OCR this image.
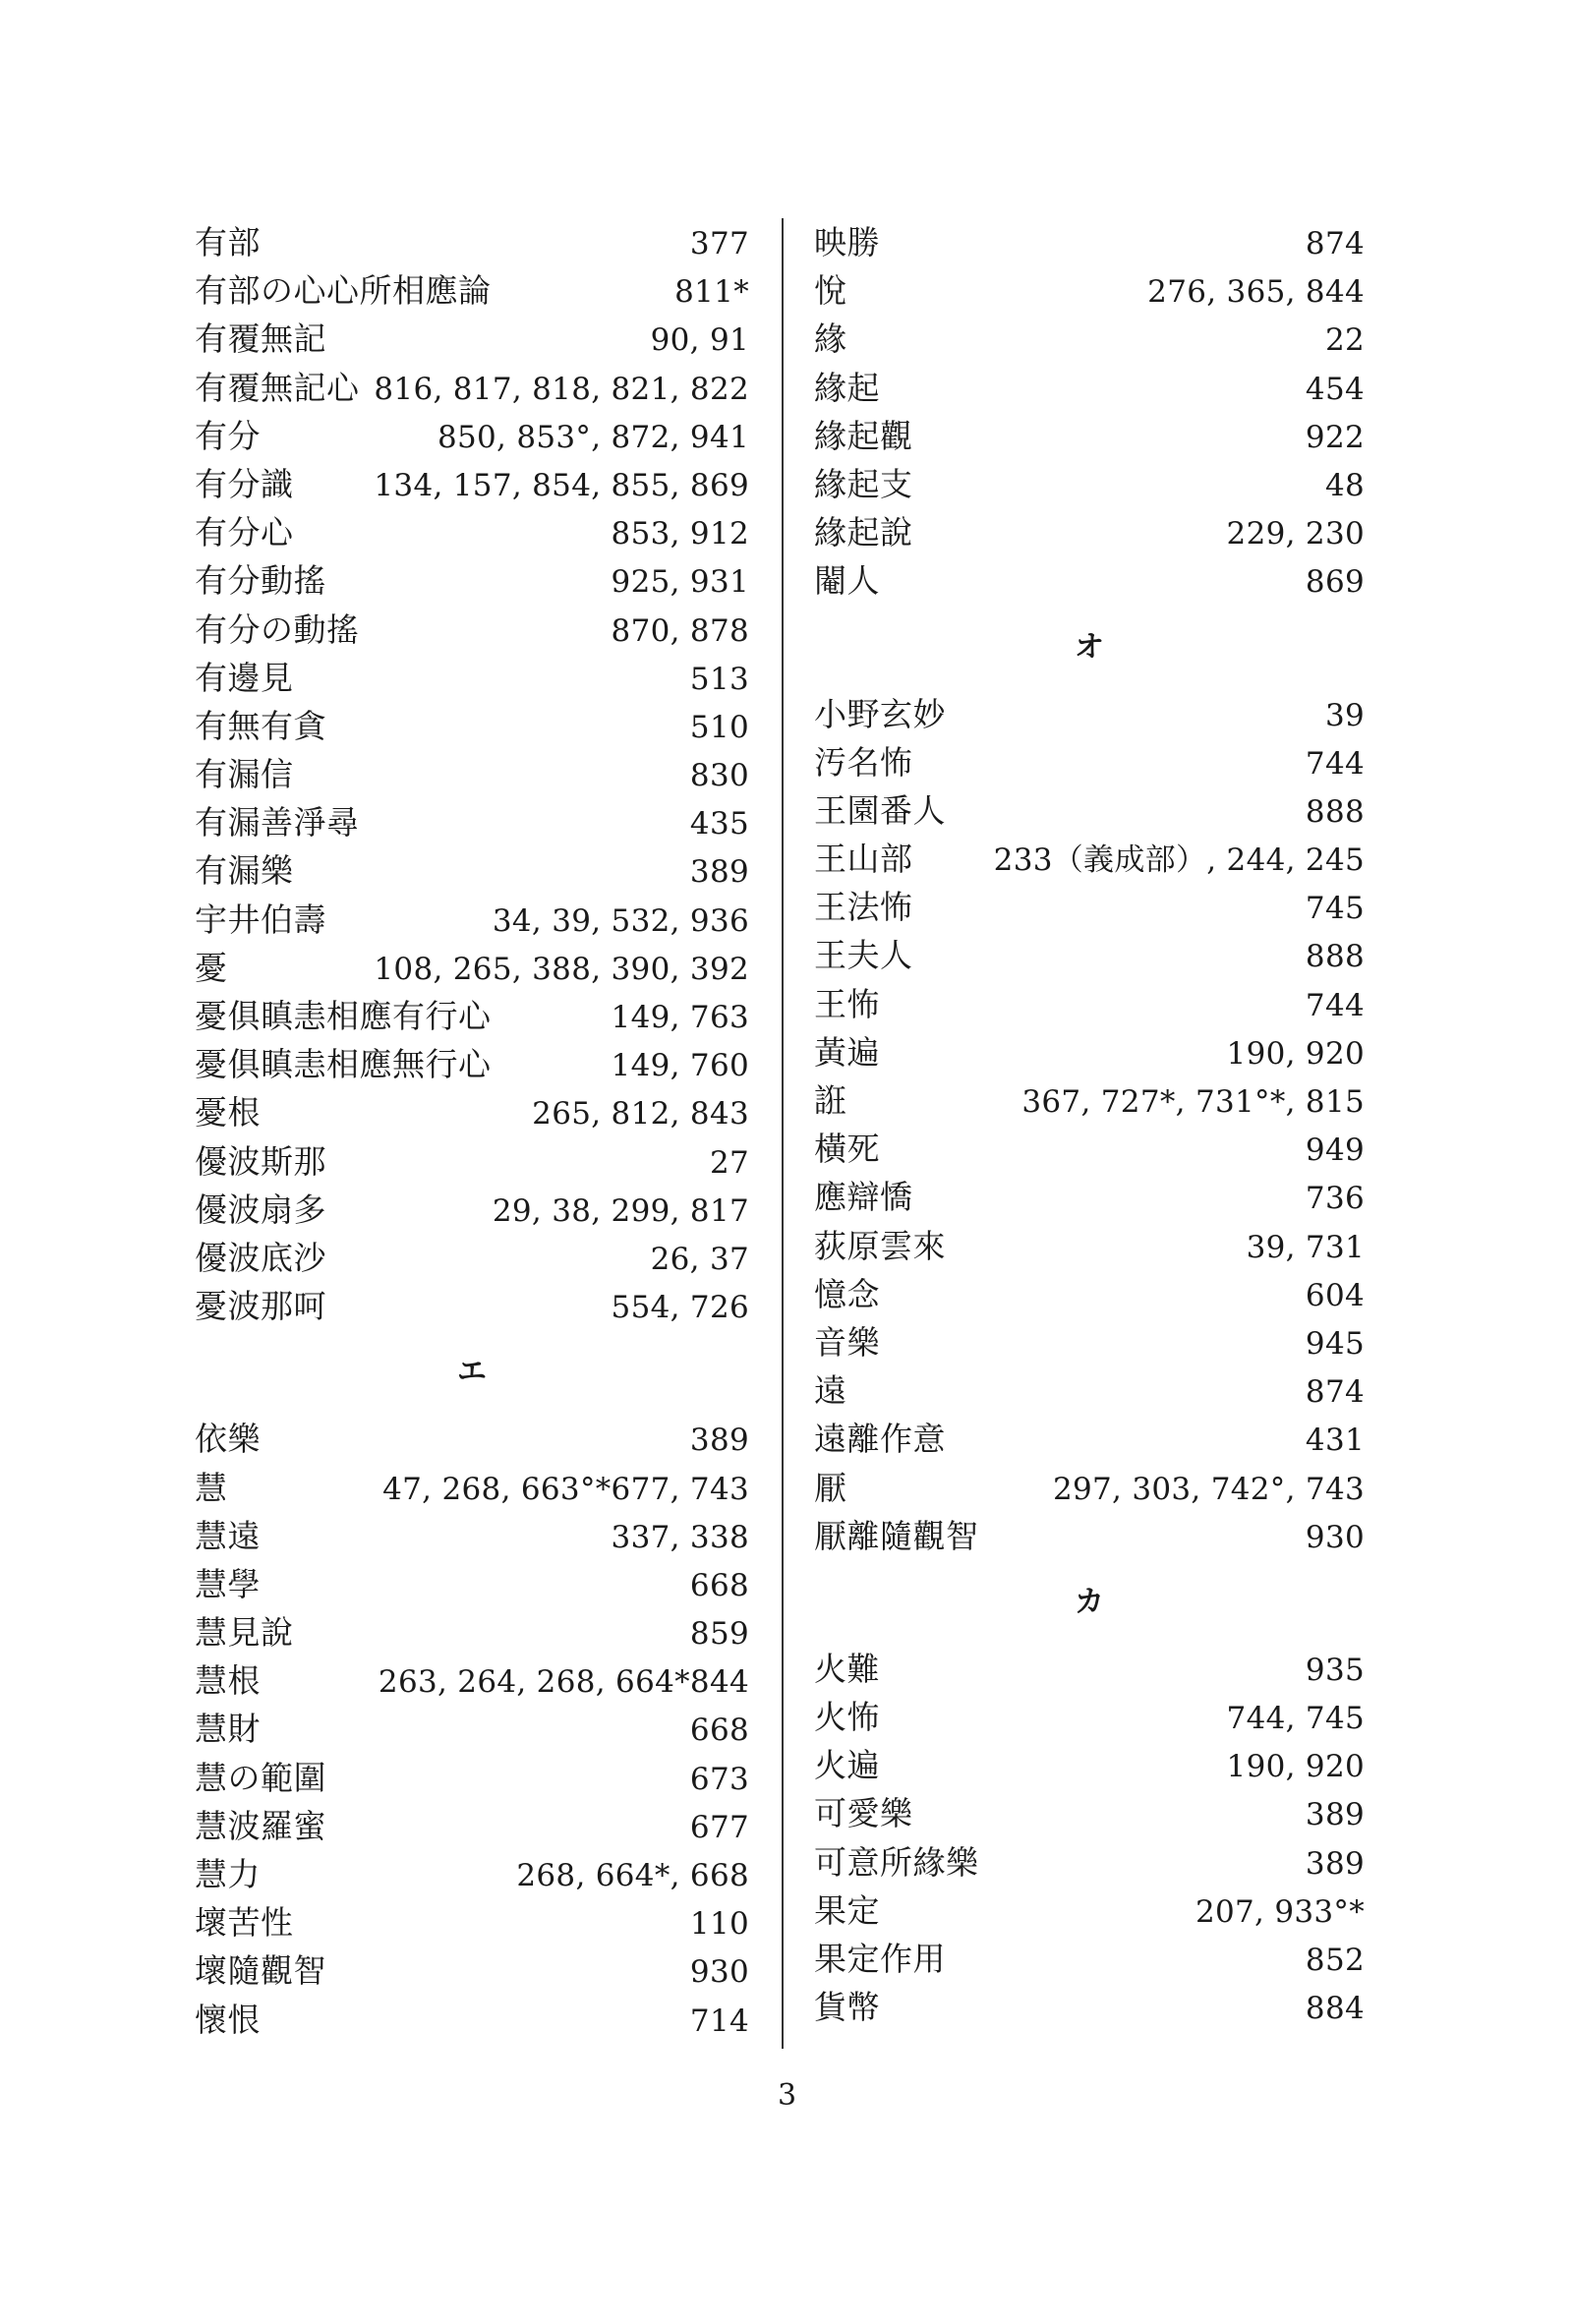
有部	377
有部の心心所相應論	811*
有覆無記	90, 91
有覆無記心 816, 817, 818, 821, 822
有分	850, 853°, 872, 941
有分識	134, 157, 854, 855, 869
有分心	853, 912
有分動搖	925, 931
有分の動搖	870, 878
有邊見	513
有無有貪	510
有漏信	830
有漏善淨尋	435
有漏樂	389
宇井伯壽	34, 39, 532, 936
憂	108, 265, 388, 390, 392
憂俱瞋恚相應有行心	149, 763
憂俱瞋恚相應無行心	149, 760
憂根	265, 812, 843
優波斯那	27
優波扇多	29, 38, 299, 817
優波底沙	26, 37
憂波那呵	554, 726
エ
依樂	389
慧	47, 268, 663°*677, 743
慧遠	337, 338
慧學	668
慧見說	859
慧根	263, 264, 268, 664*844
慧財	668
慧の範圍	673
慧波羅蜜	677
慧力	268, 664*, 668
壞苦性	110
壞隨觀智	930
懷恨	714
映勝	874
悅	276, 365, 844
緣	22
緣起	454
緣起觀	922
緣起支	48
緣起說	229, 230
閹人	869
オ
小野玄妙	39
汚名怖	744
王園番人	888
王山部	233（義成部）, 244, 245
王法怖	745
王夫人	888
王怖	744
黃遍	190, 920
誑	367, 727*, 731°*, 815
橫死	949
應辯憍	736
荻原雲來	39, 731
憶念	604
音樂	945
遠	874
遠離作意	431
厭	297, 303, 742°, 743
厭離隨觀智	930
カ
火難	935
火怖	744, 745
火遍	190, 920
可愛樂	389
可意所緣樂	389
果定	207, 933°*
果定作用	852
貨幣	884
3
